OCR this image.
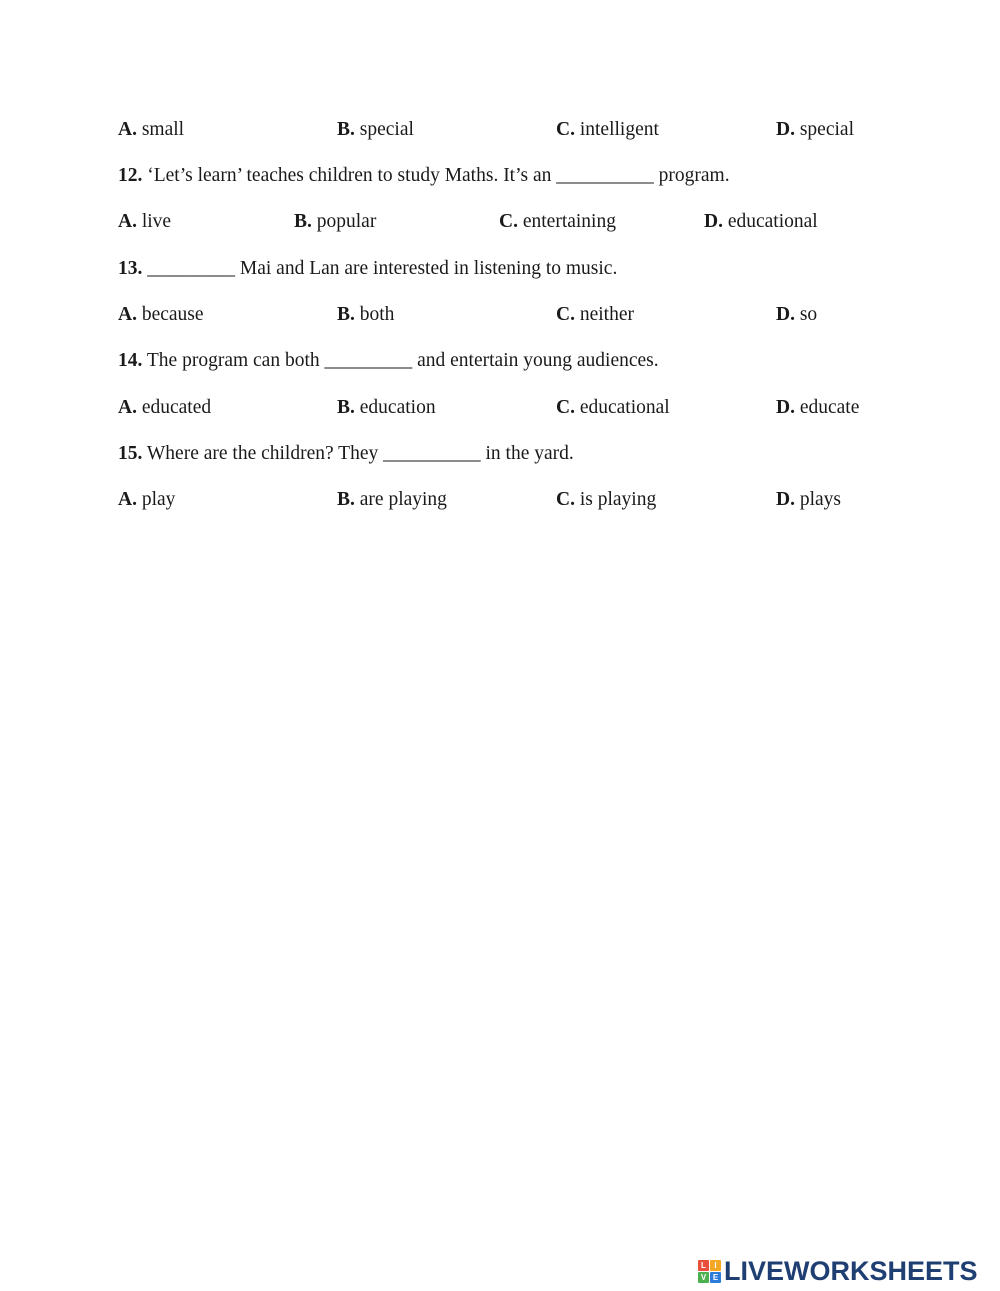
A. small	B. special	C. intelligent	D. special
12. ‘Let’s learn’ teaches children to study Maths. It’s an __________ program.
A. live	B. popular	C. entertaining	D. educational
13. _________ Mai and Lan are interested in listening to music.
A. because	B. both	C. neither	D. so
14. The program can both _________ and entertain young audiences.
A. educated	B. education	C. educational	D. educate
15. Where are the children? They __________ in the yard.
A. play	B. are playing	C. is playing	D. plays
L	I
V E LIVEWORKSHEETS
